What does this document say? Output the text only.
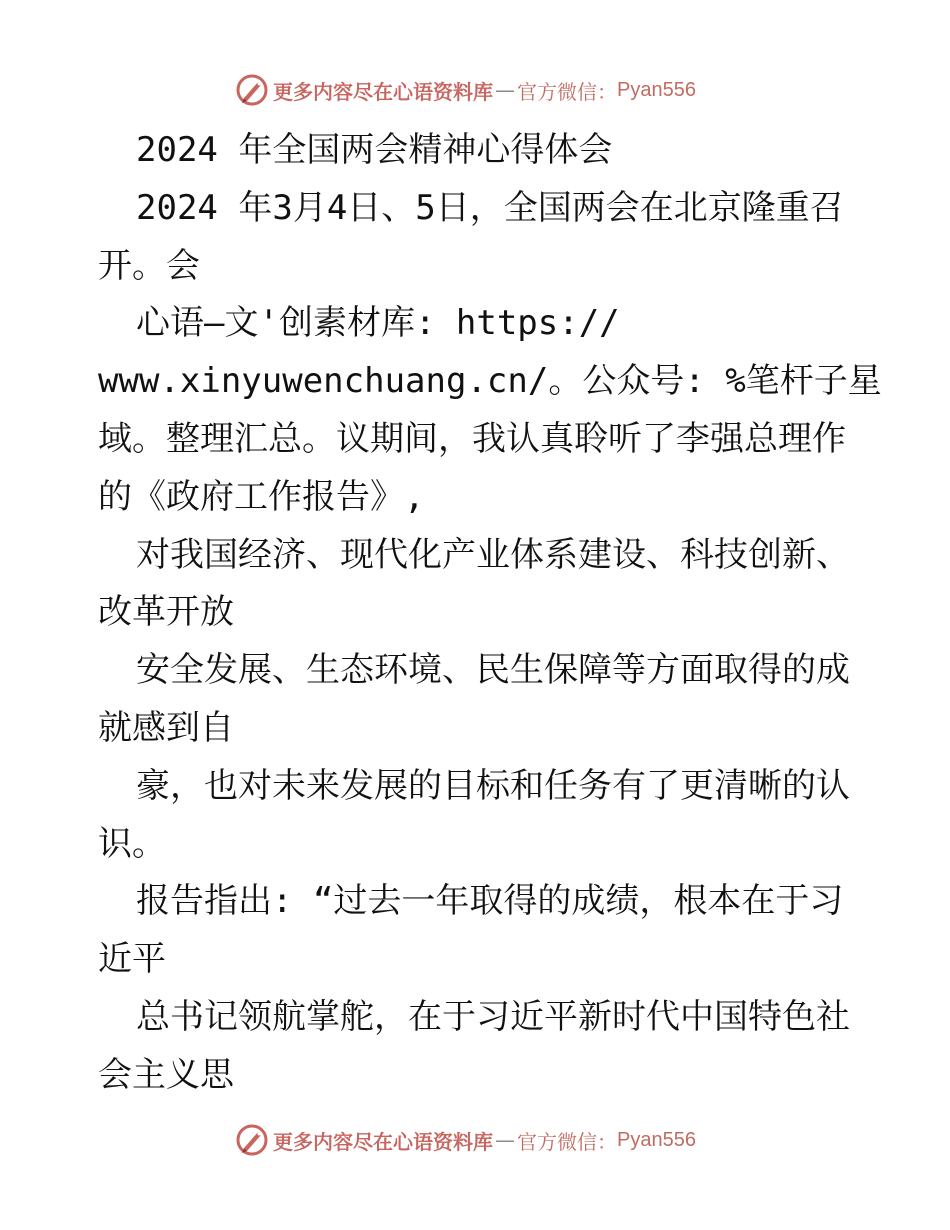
更多内容尽在心语资料库 — 官方微信： Pyan556
2024 年全国两会精神心得体会
2024 年3月4日、5日，全国两会在北京隆重召
开。会
心语—文'创素材库: https://
www.xinyuwenchuang.cn/。公众号: %笔杆子星
域。整理汇总。议期间，我认真聆听了李强总理作
的《政府工作报告》,
对我国经济、现代化产业体系建设、科技创新、
改革开放
安全发展、生态环境、民生保障等方面取得的成
就感到自
豪，也对未来发展的目标和任务有了更清晰的认
识。
报告指出: “过去一年取得的成绩，根本在于习
近平
总书记领航掌舵，在于习近平新时代中国特色社
会主义思
更多内容尽在心语资料库 — 官方微信： Pyan556
